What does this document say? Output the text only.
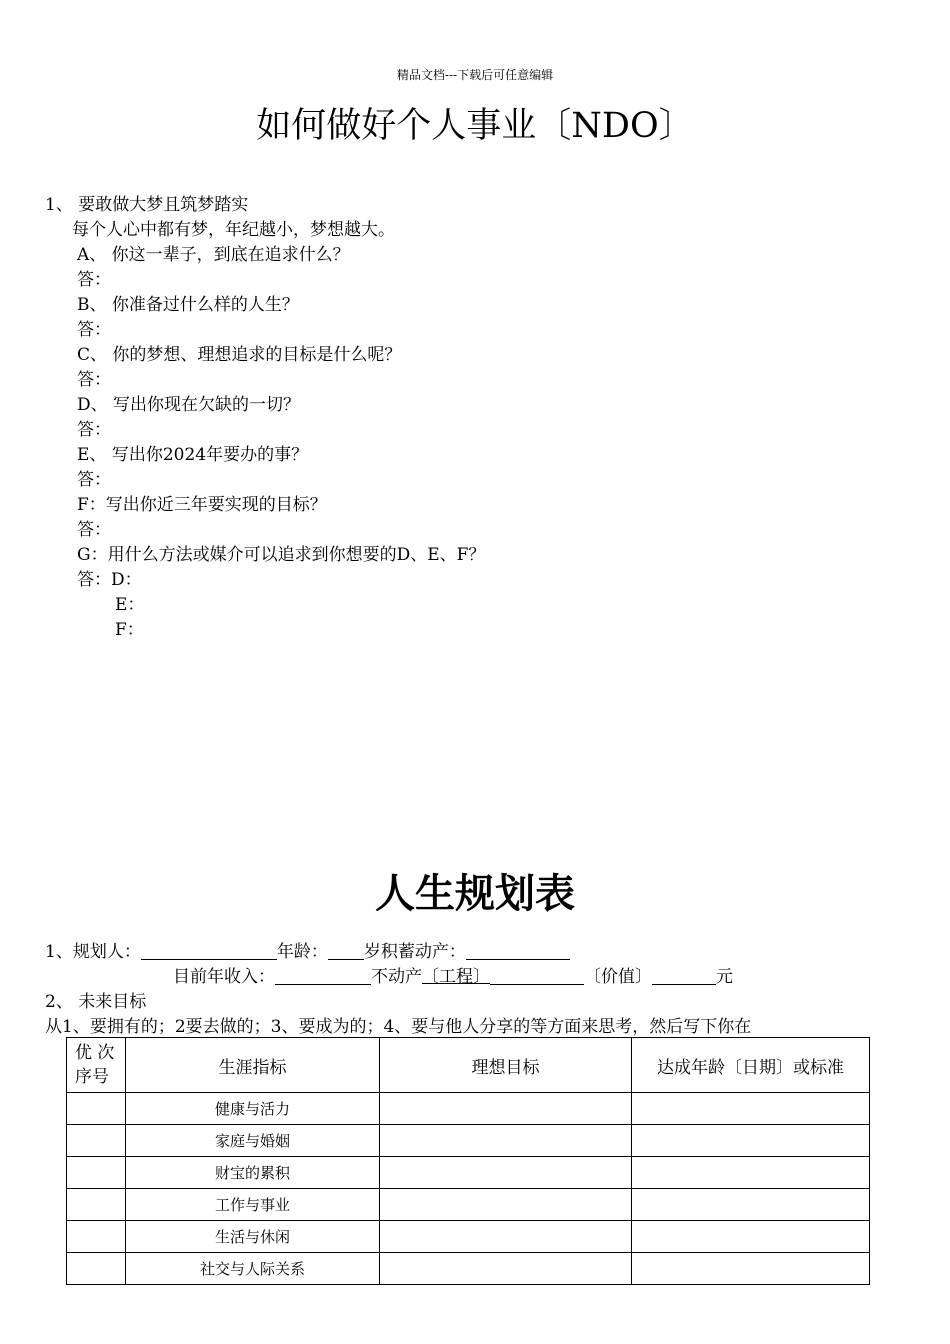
精品文档---下载后可任意编辑
如何做好个人事业〔NDO〕
1、 要敢做大梦且筑梦踏实
每个人心中都有梦，年纪越小，梦想越大。
A、 你这一辈子，到底在追求什么？
答：
B、 你准备过什么样的人生？
答：
C、 你的梦想、理想追求的目标是什么呢？
答：
D、 写出你现在欠缺的一切？
答：
E、 写出你2024年要办的事？
答：
F：写出你近三年要实现的目标？
答：
G：用什么方法或媒介可以追求到你想要的D、E、F？
答：D：
E：
F：
人生规划表
1、规划人：	年龄： 岁积蓄动产：
目前年收入：	不动产〔工程〕	〔价值〕	元
2、 未来目标
从1、要拥有的；2要去做的；3、要成为的；4、要与他人分享的等方面来思考，然后写下你在
优 次
序号	生涯指标	理想目标	达成年龄〔日期〕或标准
	健康与活力		
	家庭与婚姻		
	财宝的累积		
	工作与事业		
	生活与休闲		
	社交与人际关系		
